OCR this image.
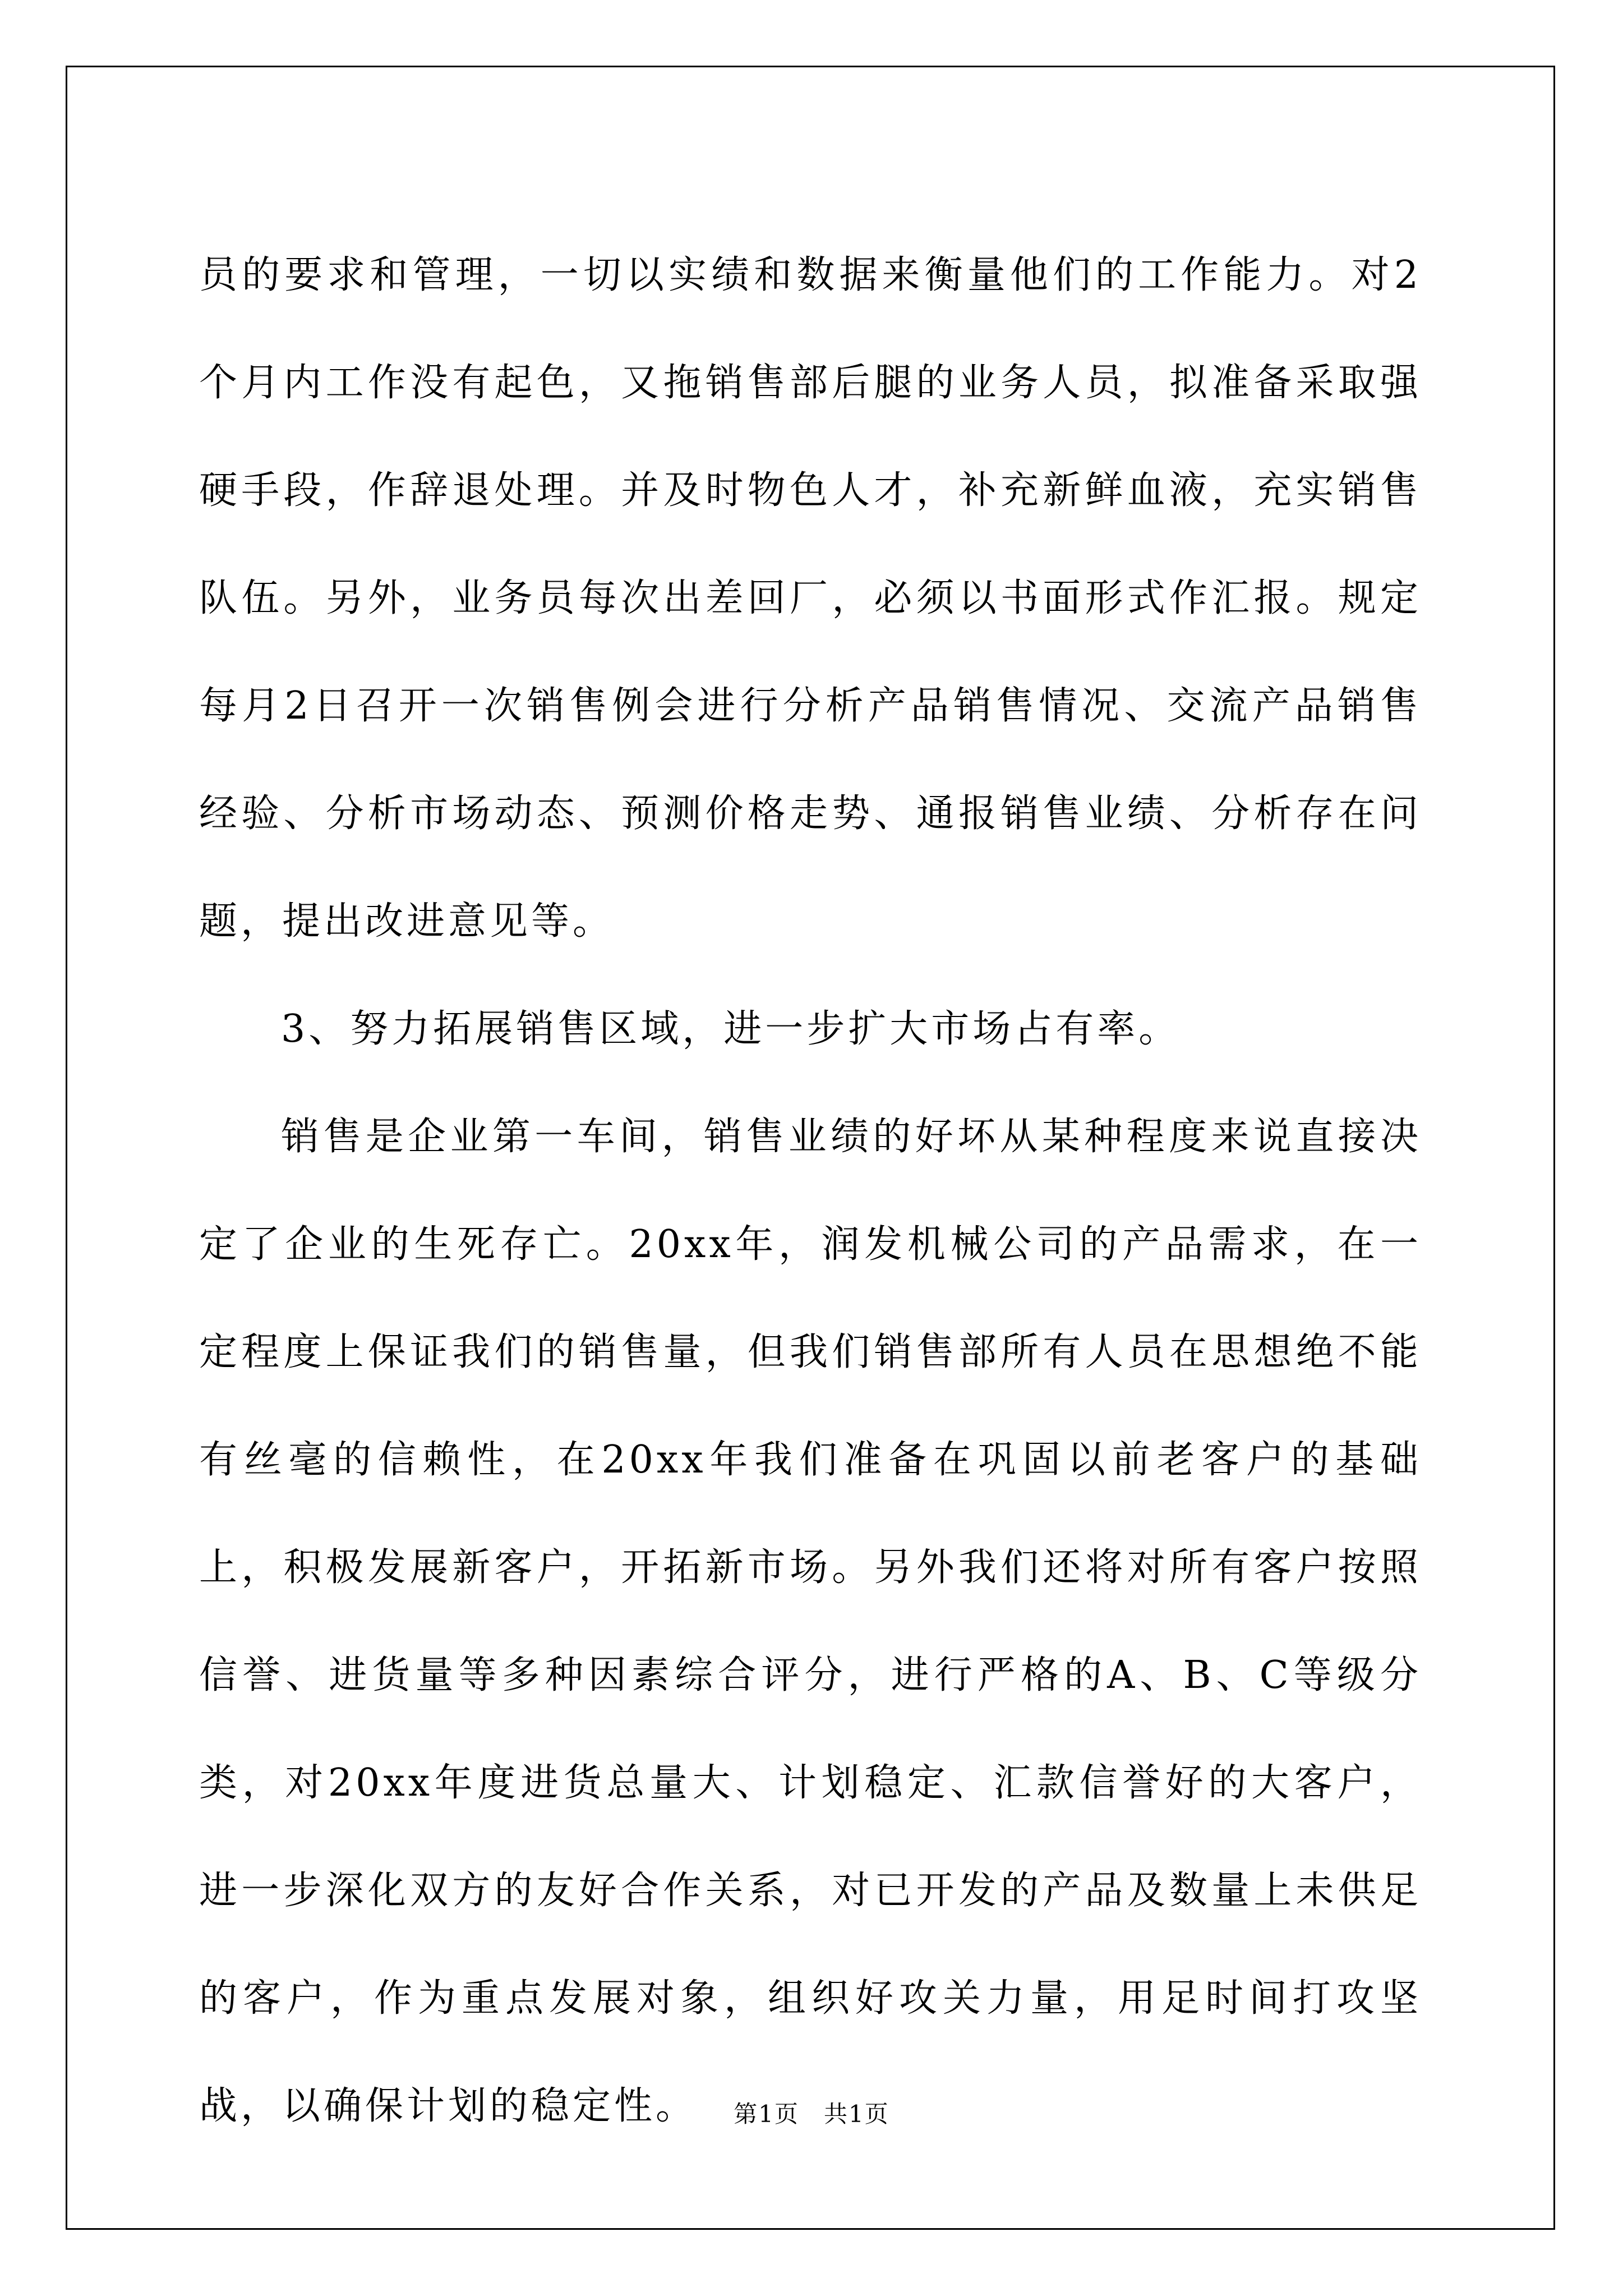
员的要求和管理，一切以实绩和数据来衡量他们的工作能力。对2个月内工作没有起色，又拖销售部后腿的业务人员，拟准备采取强硬手段，作辞退处理。并及时物色人才，补充新鲜血液，充实销售队伍。另外，业务员每次出差回厂，必须以书面形式作汇报。规定每月2日召开一次销售例会进行分析产品销售情况、交流产品销售经验、分析市场动态、预测价格走势、通报销售业绩、分析存在问题，提出改进意见等。

3、努力拓展销售区域，进一步扩大市场占有率。

销售是企业第一车间，销售业绩的好坏从某种程度来说直接决定了企业的生死存亡。20xx年，润发机械公司的产品需求，在一定程度上保证我们的销售量，但我们销售部所有人员在思想绝不能有丝毫的信赖性，在20xx年我们准备在巩固以前老客户的基础上，积极发展新客户，开拓新市场。另外我们还将对所有客户按照信誉、进货量等多种因素综合评分，进行严格的A、B、C等级分类，对20xx年度进货总量大、计划稳定、汇款信誉好的大客户，进一步深化双方的友好合作关系，对已开发的产品及数量上未供足的客户，作为重点发展对象，组织好攻关力量，用足时间打攻坚战，以确保计划的稳定性。	第1页　共1页
